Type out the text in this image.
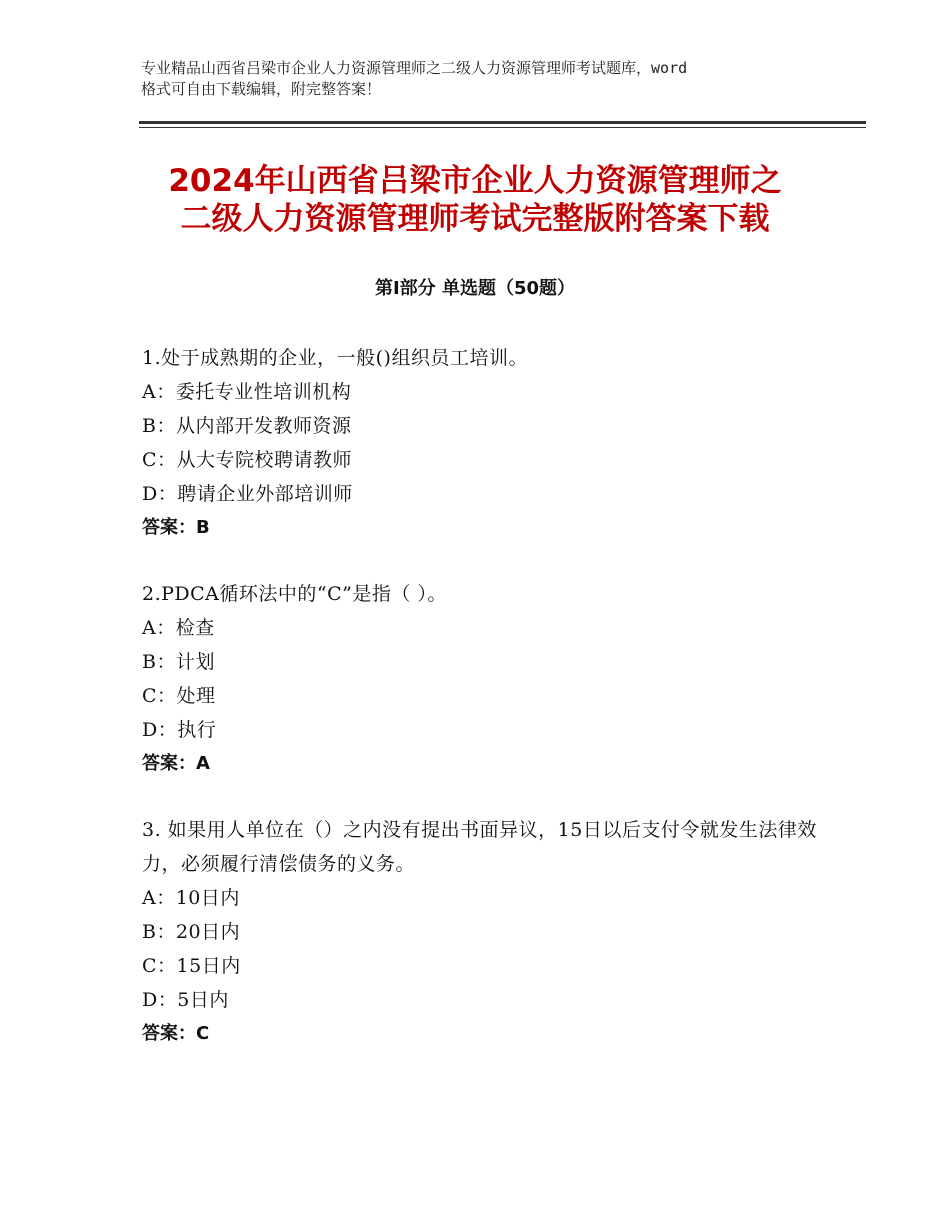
专业精品山西省吕梁市企业人力资源管理师之二级人力资源管理师考试题库，word
格式可自由下载编辑，附完整答案！
2024年山西省吕梁市企业人力资源管理师之
二级人力资源管理师考试完整版附答案下载
第Ⅰ部分 单选题（50题）
1.处于成熟期的企业，一般()组织员工培训。
A：委托专业性培训机构
B：从内部开发教师资源
C：从大专院校聘请教师
D：聘请企业外部培训师
答案：B
2.PDCA循环法中的“C”是指（ ）。
A：检查
B：计划
C：处理
D：执行
答案：A
3. 如果用人单位在（）之内没有提出书面异议，15日以后支付令就发生法律效力，必须履行清偿债务的义务。
A：10日内
B：20日内
C：15日内
D：5日内
答案：C
